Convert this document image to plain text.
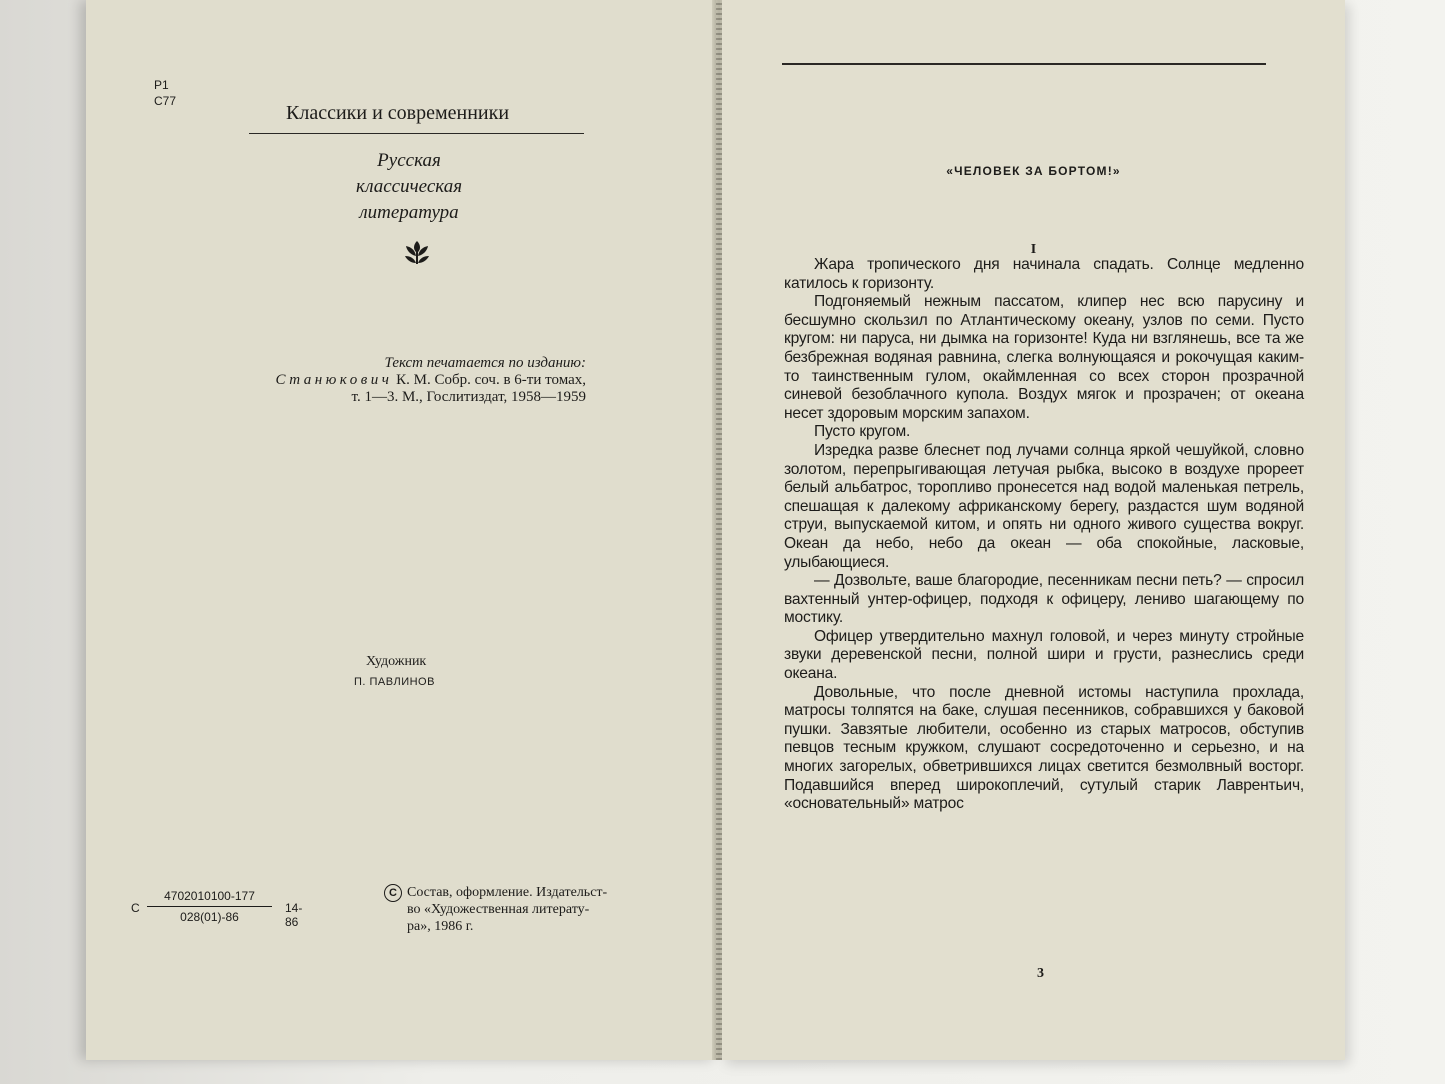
Р1
С77
Классики и современники
Русская
классическая
литература
Текст печатается по изданию:
Станюкович К. М. Собр. соч. в 6-ти томах,
т. 1—3. М., Гослитиздат, 1958—1959
Художник
П. ПАВЛИНОВ
С $\frac{4702010100-177}{028(01)-86} 14-86$
C Состав, оформление. Издательст-
во «Художественная литерату-
ра», 1986 г.
«ЧЕЛОВЕК ЗА БОРТОМ!»
I

Жара тропического дня начинала спадать. Солнце медленно катилось к горизонту.

Подгоняемый нежным пассатом, клипер нес всю парусину и бесшумно скользил по Атлантическому океану, узлов по семи. Пусто кругом: ни паруса, ни дымка на горизонте! Куда ни взглянешь, все та же безбрежная водяная равнина, слегка волнующаяся и рокочущая каким-то таинственным гулом, окаймленная со всех сторон прозрачной синевой безоблачного купола. Воздух мягок и прозрачен; от океана несет здоровым морским запахом.

Пусто кругом.

Изредка разве блеснет под лучами солнца яркой чешуйкой, словно золотом, перепрыгивающая летучая рыбка, высоко в воздухе прореет белый альбатрос, торопливо пронесется над водой маленькая петрель, спешащая к далекому африканскому берегу, раздастся шум водяной струи, выпускаемой китом, и опять ни одного живого существа вокруг. Океан да небо, небо да океан — оба спокойные, ласковые, улыбающиеся.

— Дозвольте, ваше благородие, песенникам песни петь? — спросил вахтенный унтер-офицер, подходя к офицеру, лениво шагающему по мостику.

Офицер утвердительно махнул головой, и через минуту стройные звуки деревенской песни, полной шири и грусти, разнеслись среди океана.

Довольные, что после дневной истомы наступила прохлада, матросы толпятся на баке, слушая песенников, собравшихся у баковой пушки. Завзятые любители, особенно из старых матросов, обступив певцов тесным кружком, слушают сосредоточенно и серьезно, и на многих загорелых, обветрившихся лицах светится безмолвный восторг. Подавшийся вперед широкоплечий, сутулый старик Лаврентьич, «основательный» матрос

3
